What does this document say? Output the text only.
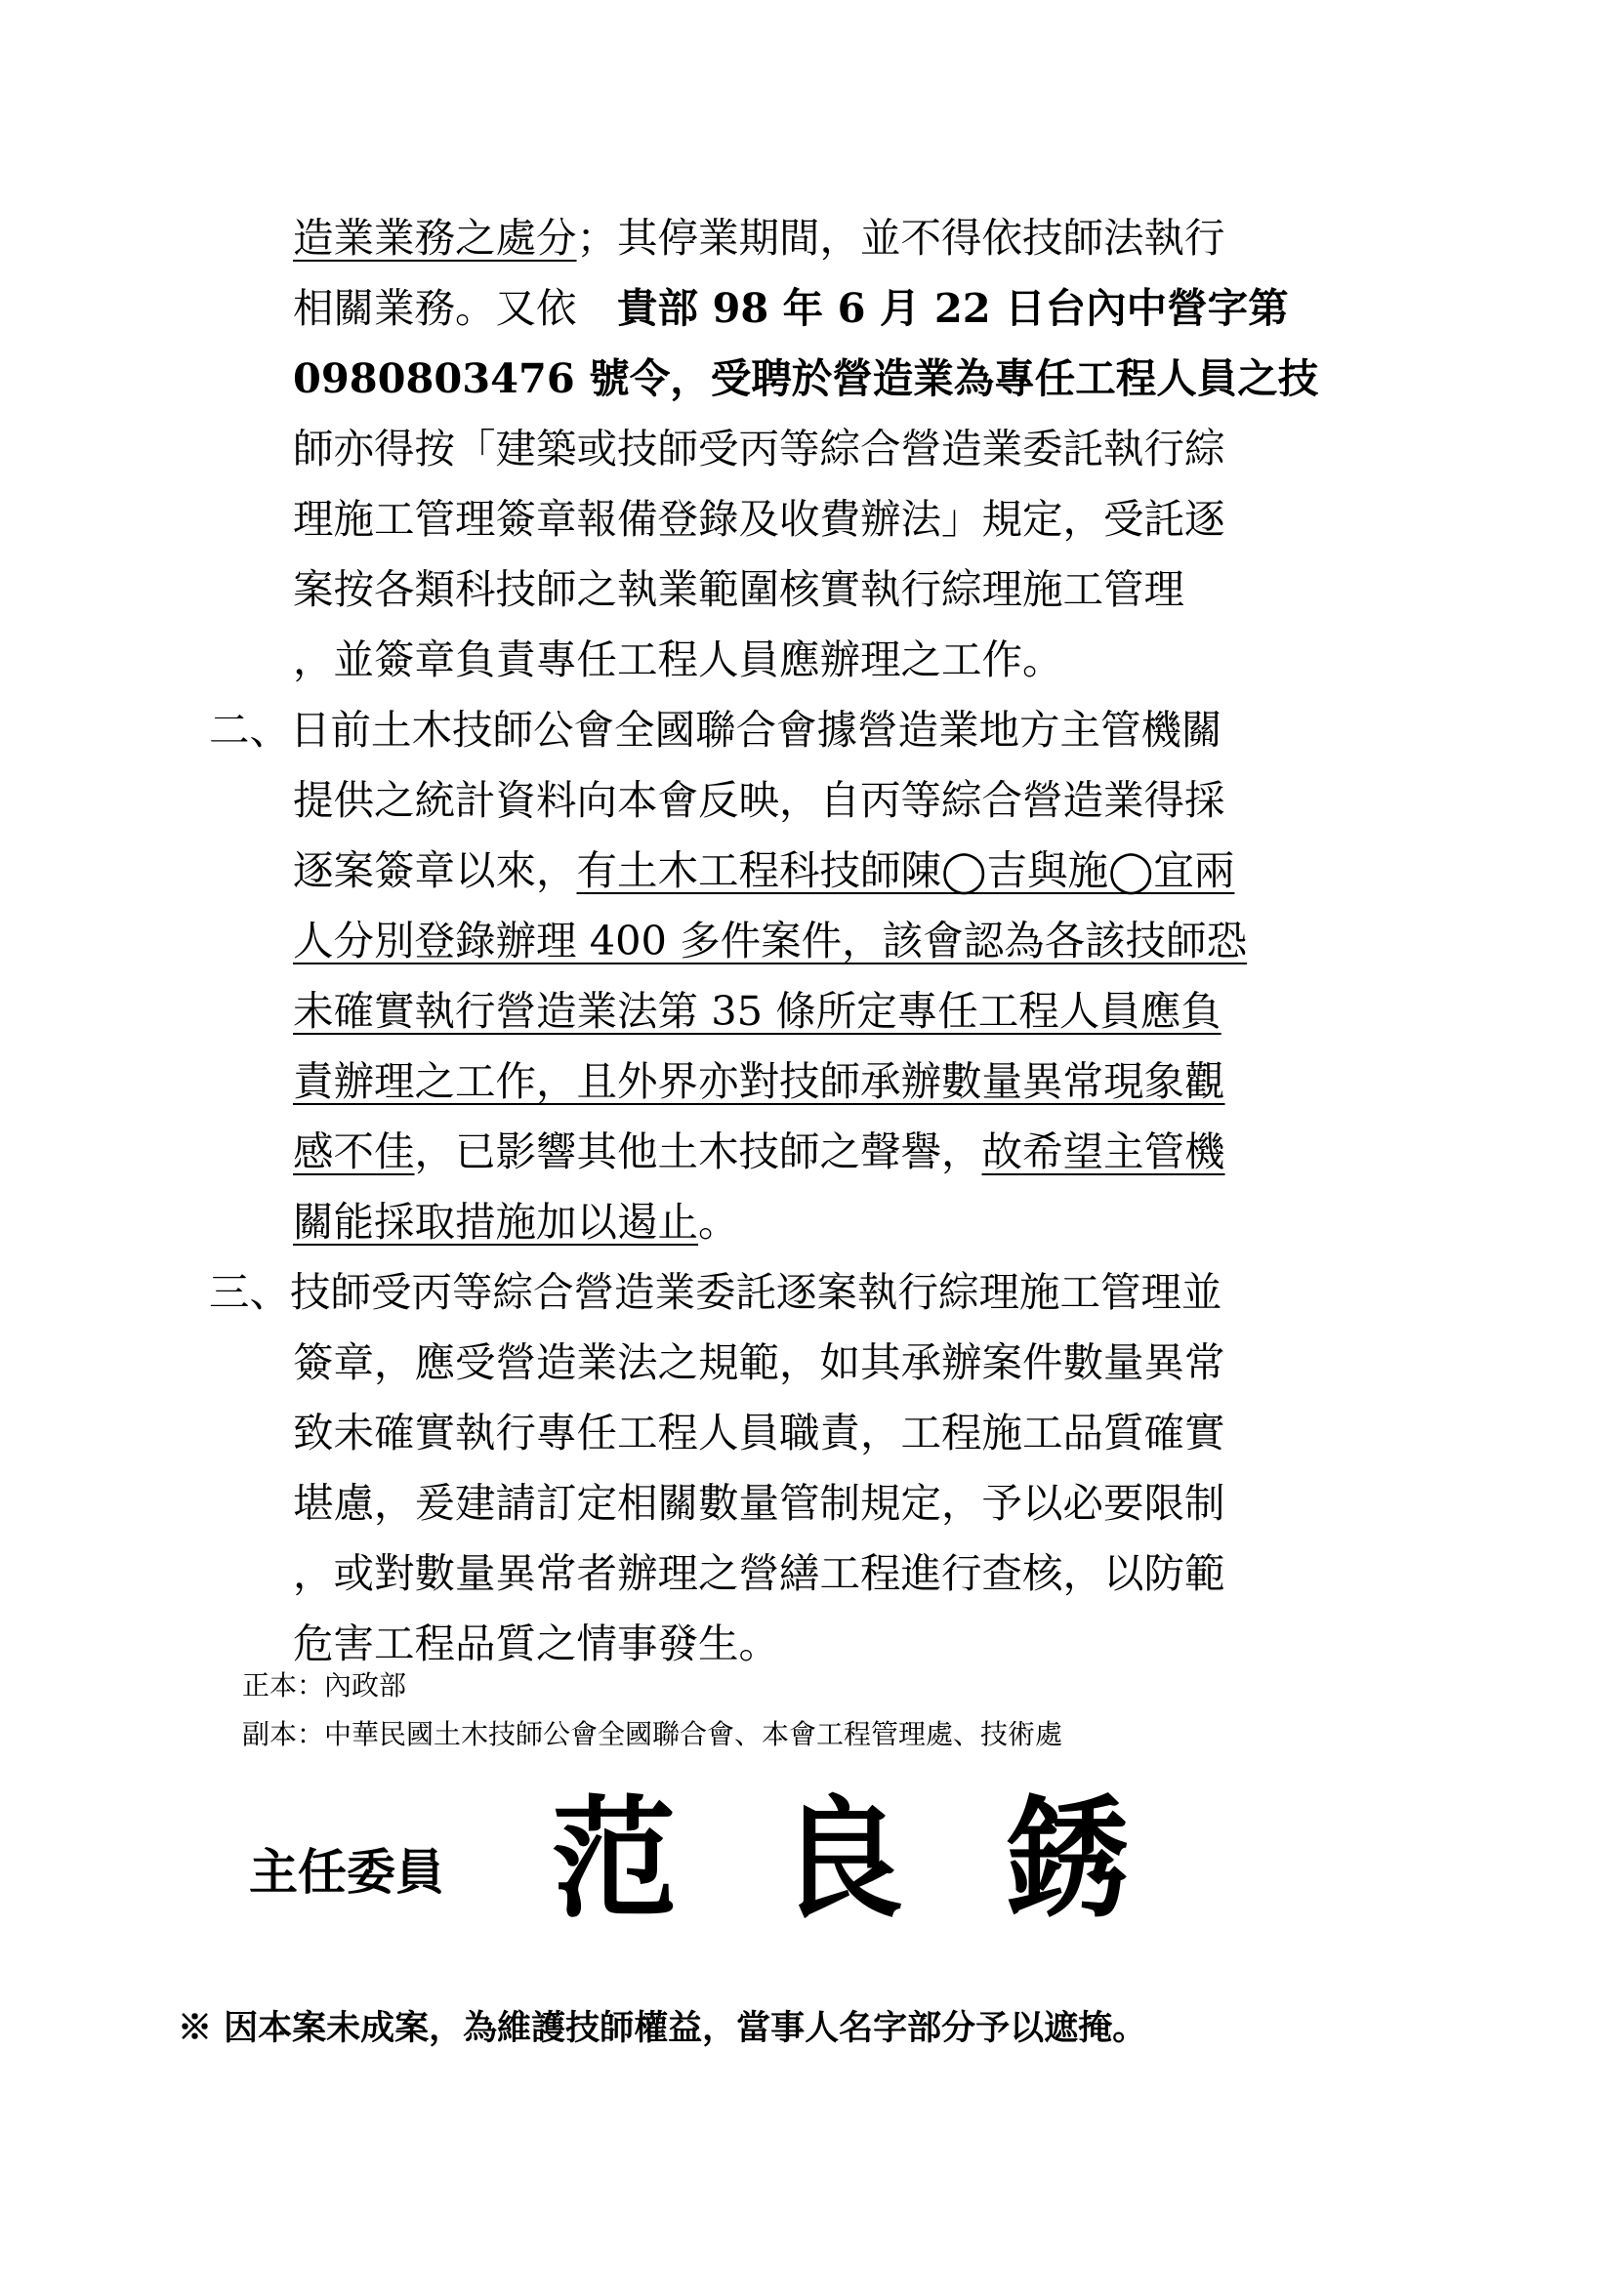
造業業務之處分；其停業期間，並不得依技師法執行
相關業務。又依　貴部 98 年 6 月 22 日台內中營字第
0980803476 號令，受聘於營造業為專任工程人員之技
師亦得按「建築或技師受丙等綜合營造業委託執行綜
理施工管理簽章報備登錄及收費辦法」規定，受託逐
案按各類科技師之執業範圍核實執行綜理施工管理
，並簽章負責專任工程人員應辦理之工作。
二、日前土木技師公會全國聯合會據營造業地方主管機關
提供之統計資料向本會反映，自丙等綜合營造業得採
逐案簽章以來，有土木工程科技師陳◯吉與施◯宜兩
人分別登錄辦理 400 多件案件，該會認為各該技師恐
未確實執行營造業法第 35 條所定專任工程人員應負
責辦理之工作，且外界亦對技師承辦數量異常現象觀
感不佳，已影響其他土木技師之聲譽，故希望主管機
關能採取措施加以遏止。
三、技師受丙等綜合營造業委託逐案執行綜理施工管理並
簽章，應受營造業法之規範，如其承辦案件數量異常
致未確實執行專任工程人員職責，工程施工品質確實
堪慮，爰建請訂定相關數量管制規定，予以必要限制
，或對數量異常者辦理之營繕工程進行查核，以防範
危害工程品質之情事發生。
正本：內政部
副本：中華民國土木技師公會全國聯合會、本會工程管理處、技術處
主任委員 范 良 銹
※ 因本案未成案，為維護技師權益，當事人名字部分予以遮掩。
